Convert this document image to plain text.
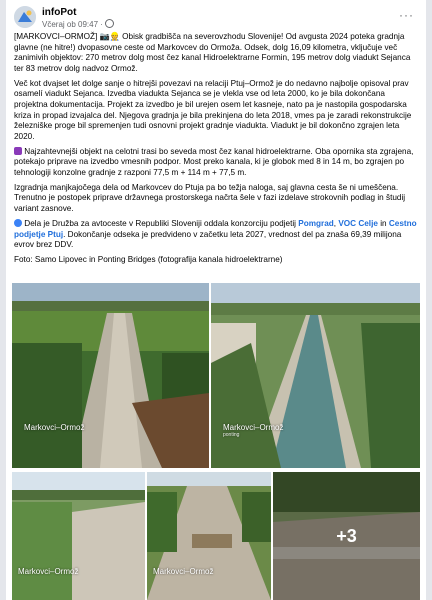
infoPot
Včeraj ob 09:47 ·
···

[MARKOVCI–ORMOŽ] 📷👷 Obisk gradbišča na severovzhodu Slovenije! Od avgusta 2024 poteka gradnja glavne (ne hitre!) dvopasovne ceste od Markovcev do Ormoža. Odsek, dolg 16,09 kilometra, vključuje več zanimivih objektov: 270 metrov dolg most čez kanal Hidroelektrarne Formin, 195 metrov dolg viadukt Sejanca ter 83 metrov dolg nadvoz Ormož.

Več kot dvajset let dolge sanje o hitrejši povezavi na relaciji Ptuj–Ormož je do nedavno najbolje opisoval prav osamelí viadukt Sejanca. Izvedba viadukta Sejanca se je vlekla vse od leta 2000, ko je bila dokončana projektna dokumentacija. Projekt za izvedbo je bil urejen osem let kasneje, nato pa je nastopila gospodarska kriza in propad izvajalca del. Njegova gradnja je bila prekinjena do leta 2018, vmes pa je zaradi rekonstrukcije železniške proge bil spremenjen tudi osnovni projekt gradnje viadukta. Viadukt je bil dokončno zgrajen leta 2020.

Najzahtevnejši objekt na celotni trasi bo seveda most čez kanal hidroelektrarne. Oba opornika sta zgrajena, potekajo priprave na izvedbo vmesnih podpor. Most preko kanala, ki je globok med 8 in 14 m, bo zgrajen po tehnologiji konzolne gradnje z razponi 77,5 m + 114 m + 77,5 m.

Izgradnja manjkajočega dela od Markovcev do Ptuja pa bo težja naloga, saj glavna cesta še ni umeščena. Trenutno je postopek priprave državnega prostorskega načrta šele v fazi izdelave strokovnih podlag in študij variant zasnove.

Dela je Družba za avtoceste v Republiki Sloveniji oddala konzorciju podjetij Pomgrad, VOC Celje in Cestno podjetje Ptuj. Dokončanje odseka je predvideno v začetku leta 2027, vrednost del pa znaša 69,39 milijona evrov brez DDV.

Foto: Samo Lipovec in Ponting Bridges (fotografija kanala hidroelektrarne)

Markovci–Ormož	Markovci–Ormož
ponting
Markovci–Ormož	Markovci–Ormož
+3
